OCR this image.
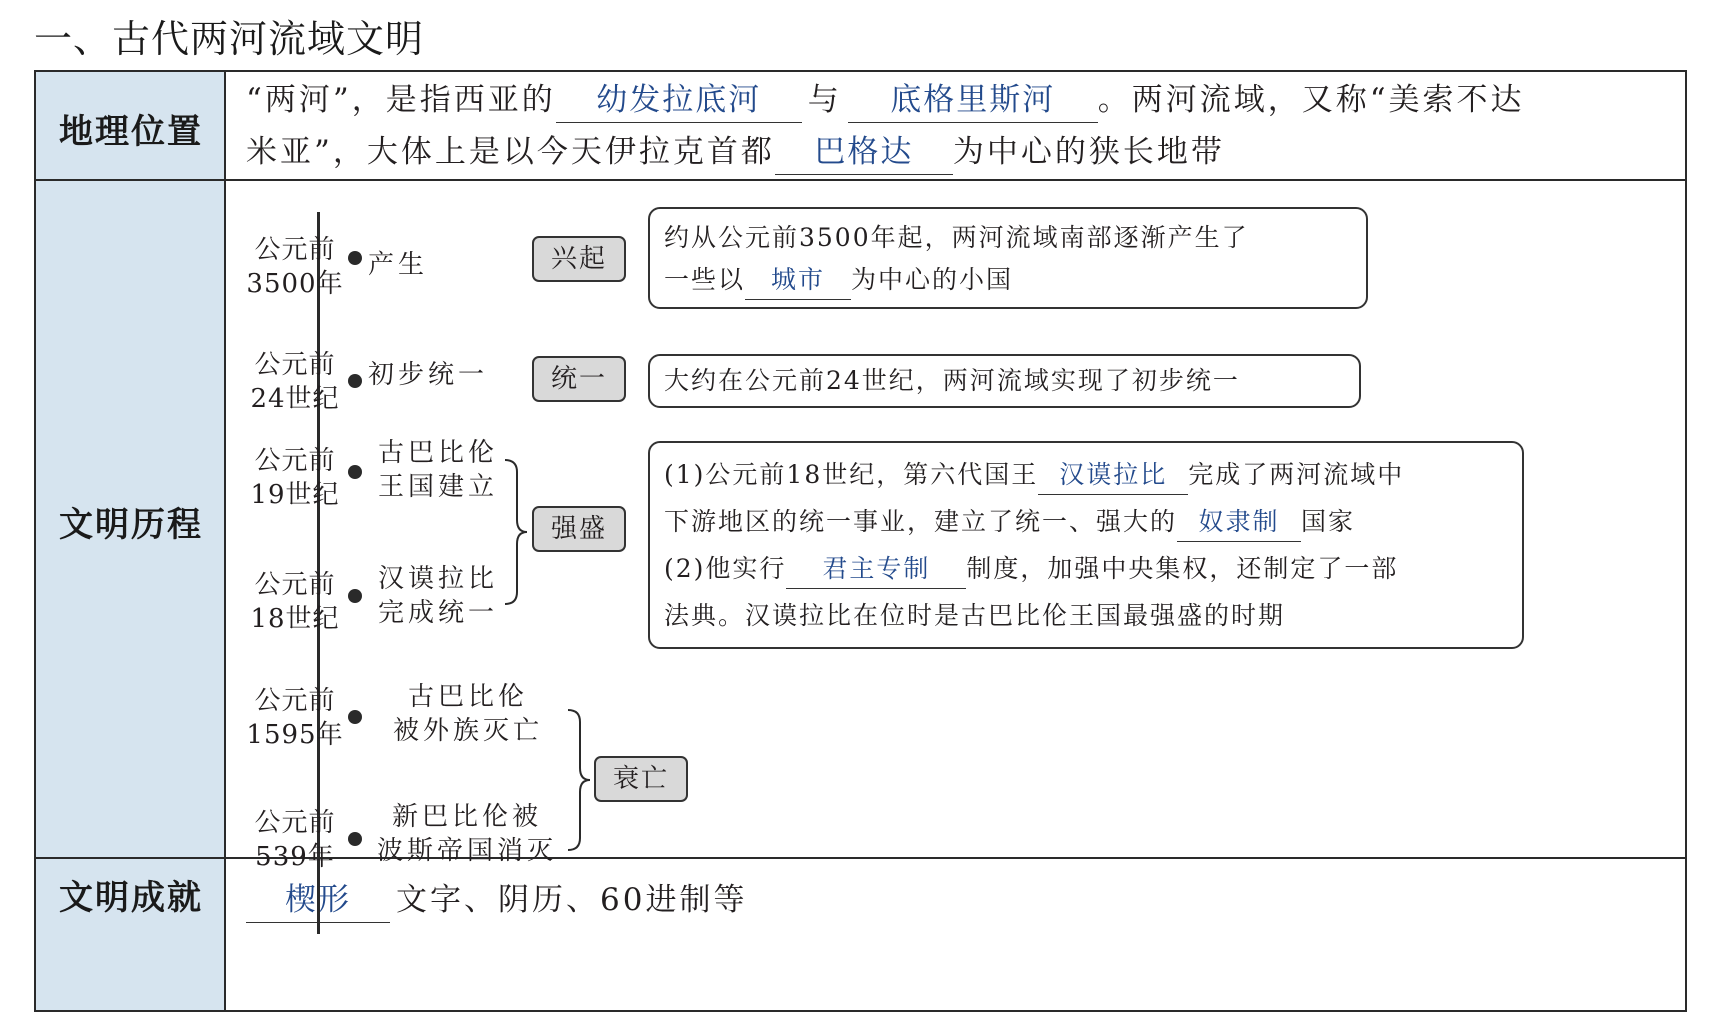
一、古代两河流域文明
地理位置
文明历程
文明成就
“两河”，是指西亚的 幼发拉底河 与 底格里斯河 。两河流域，又称“美索不达
米亚”，大体上是以今天伊拉克首都 巴格达 为中心的狭长地带
楔形 文字、阴历、60进制等
公元前
3500年
公元前
24世纪
公元前
19世纪
公元前
18世纪
公元前
1595年
公元前
539年
产生
初步统一
古巴比伦
王国建立
汉谟拉比
完成统一
古巴比伦
被外族灭亡
新巴比伦被
波斯帝国消灭
兴起
统一
强盛
衰亡
约从公元前3500年起，两河流域南部逐渐产生了
一些以 城市 为中心的小国
大约在公元前24世纪，两河流域实现了初步统一
(1)公元前18世纪，第六代国王 汉谟拉比 完成了两河流域中
下游地区的统一事业，建立了统一、强大的 奴隶制 国家
(2)他实行 君主专制 制度，加强中央集权，还制定了一部
法典。汉谟拉比在位时是古巴比伦王国最强盛的时期
